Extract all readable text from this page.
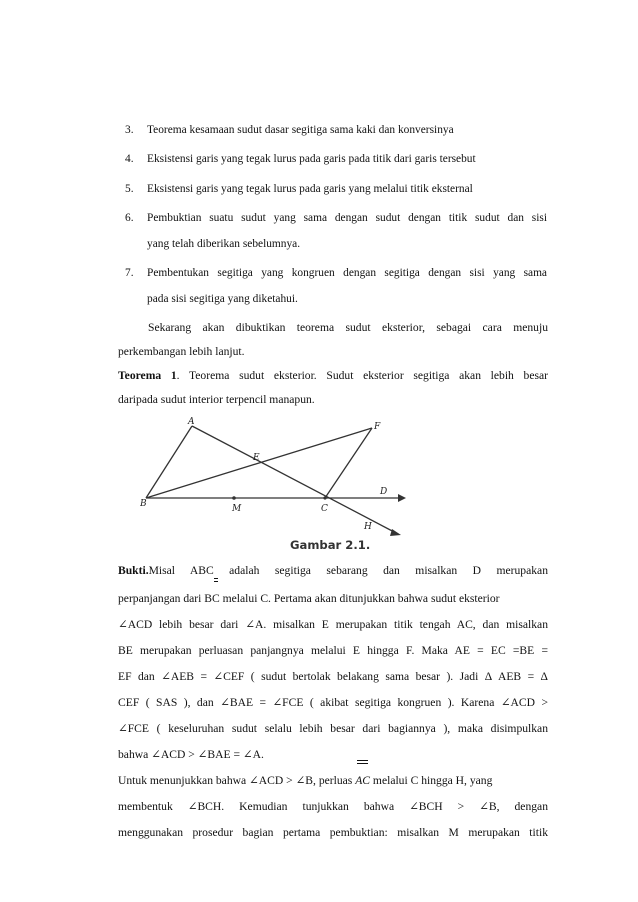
3. Teorema kesamaan sudut dasar segitiga sama kaki dan konversinya
4. Eksistensi garis yang tegak lurus pada garis pada titik dari garis tersebut
5. Eksistensi garis yang tegak lurus pada garis yang melalui titik eksternal
6. Pembuktian suatu sudut yang sama dengan sudut dengan titik sudut dan sisi
yang telah diberikan sebelumnya.
7. Pembentukan segitiga yang kongruen dengan segitiga dengan sisi yang sama
pada sisi segitiga yang diketahui.
Sekarang akan dibuktikan teorema sudut eksterior, sebagai cara menuju
perkembangan lebih lanjut.
Teorema 1. Teorema sudut eksterior. Sudut eksterior segitiga akan lebih besar
daripada sudut interior terpencil manapun.
A
B	C
D
E
F
H
M
Gambar 2.1.
Bukti.Misal ABC adalah segitiga sebarang dan misalkan D merupakan
perpanjangan dari BC melalui C. Pertama akan ditunjukkan bahwa sudut eksterior
∠ACD lebih besar dari ∠A. misalkan E merupakan titik tengah AC, dan misalkan
BE merupakan perluasan panjangnya melalui E hingga F. Maka AE = EC =BE =
EF dan ∠AEB = ∠CEF ( sudut bertolak belakang sama besar ). Jadi Δ AEB = Δ
CEF ( SAS ), dan ∠BAE = ∠FCE ( akibat segitiga kongruen ). Karena ∠ACD >
∠FCE ( keseluruhan sudut selalu lebih besar dari bagiannya ), maka disimpulkan
bahwa ∠ACD > ∠BAE = ∠A.
Untuk menunjukkan bahwa ∠ACD > ∠B, perluas AC melalui C hingga H, yang
membentuk ∠BCH. Kemudian tunjukkan bahwa ∠BCH > ∠B, dengan
menggunakan prosedur bagian pertama pembuktian: misalkan M merupakan titik
